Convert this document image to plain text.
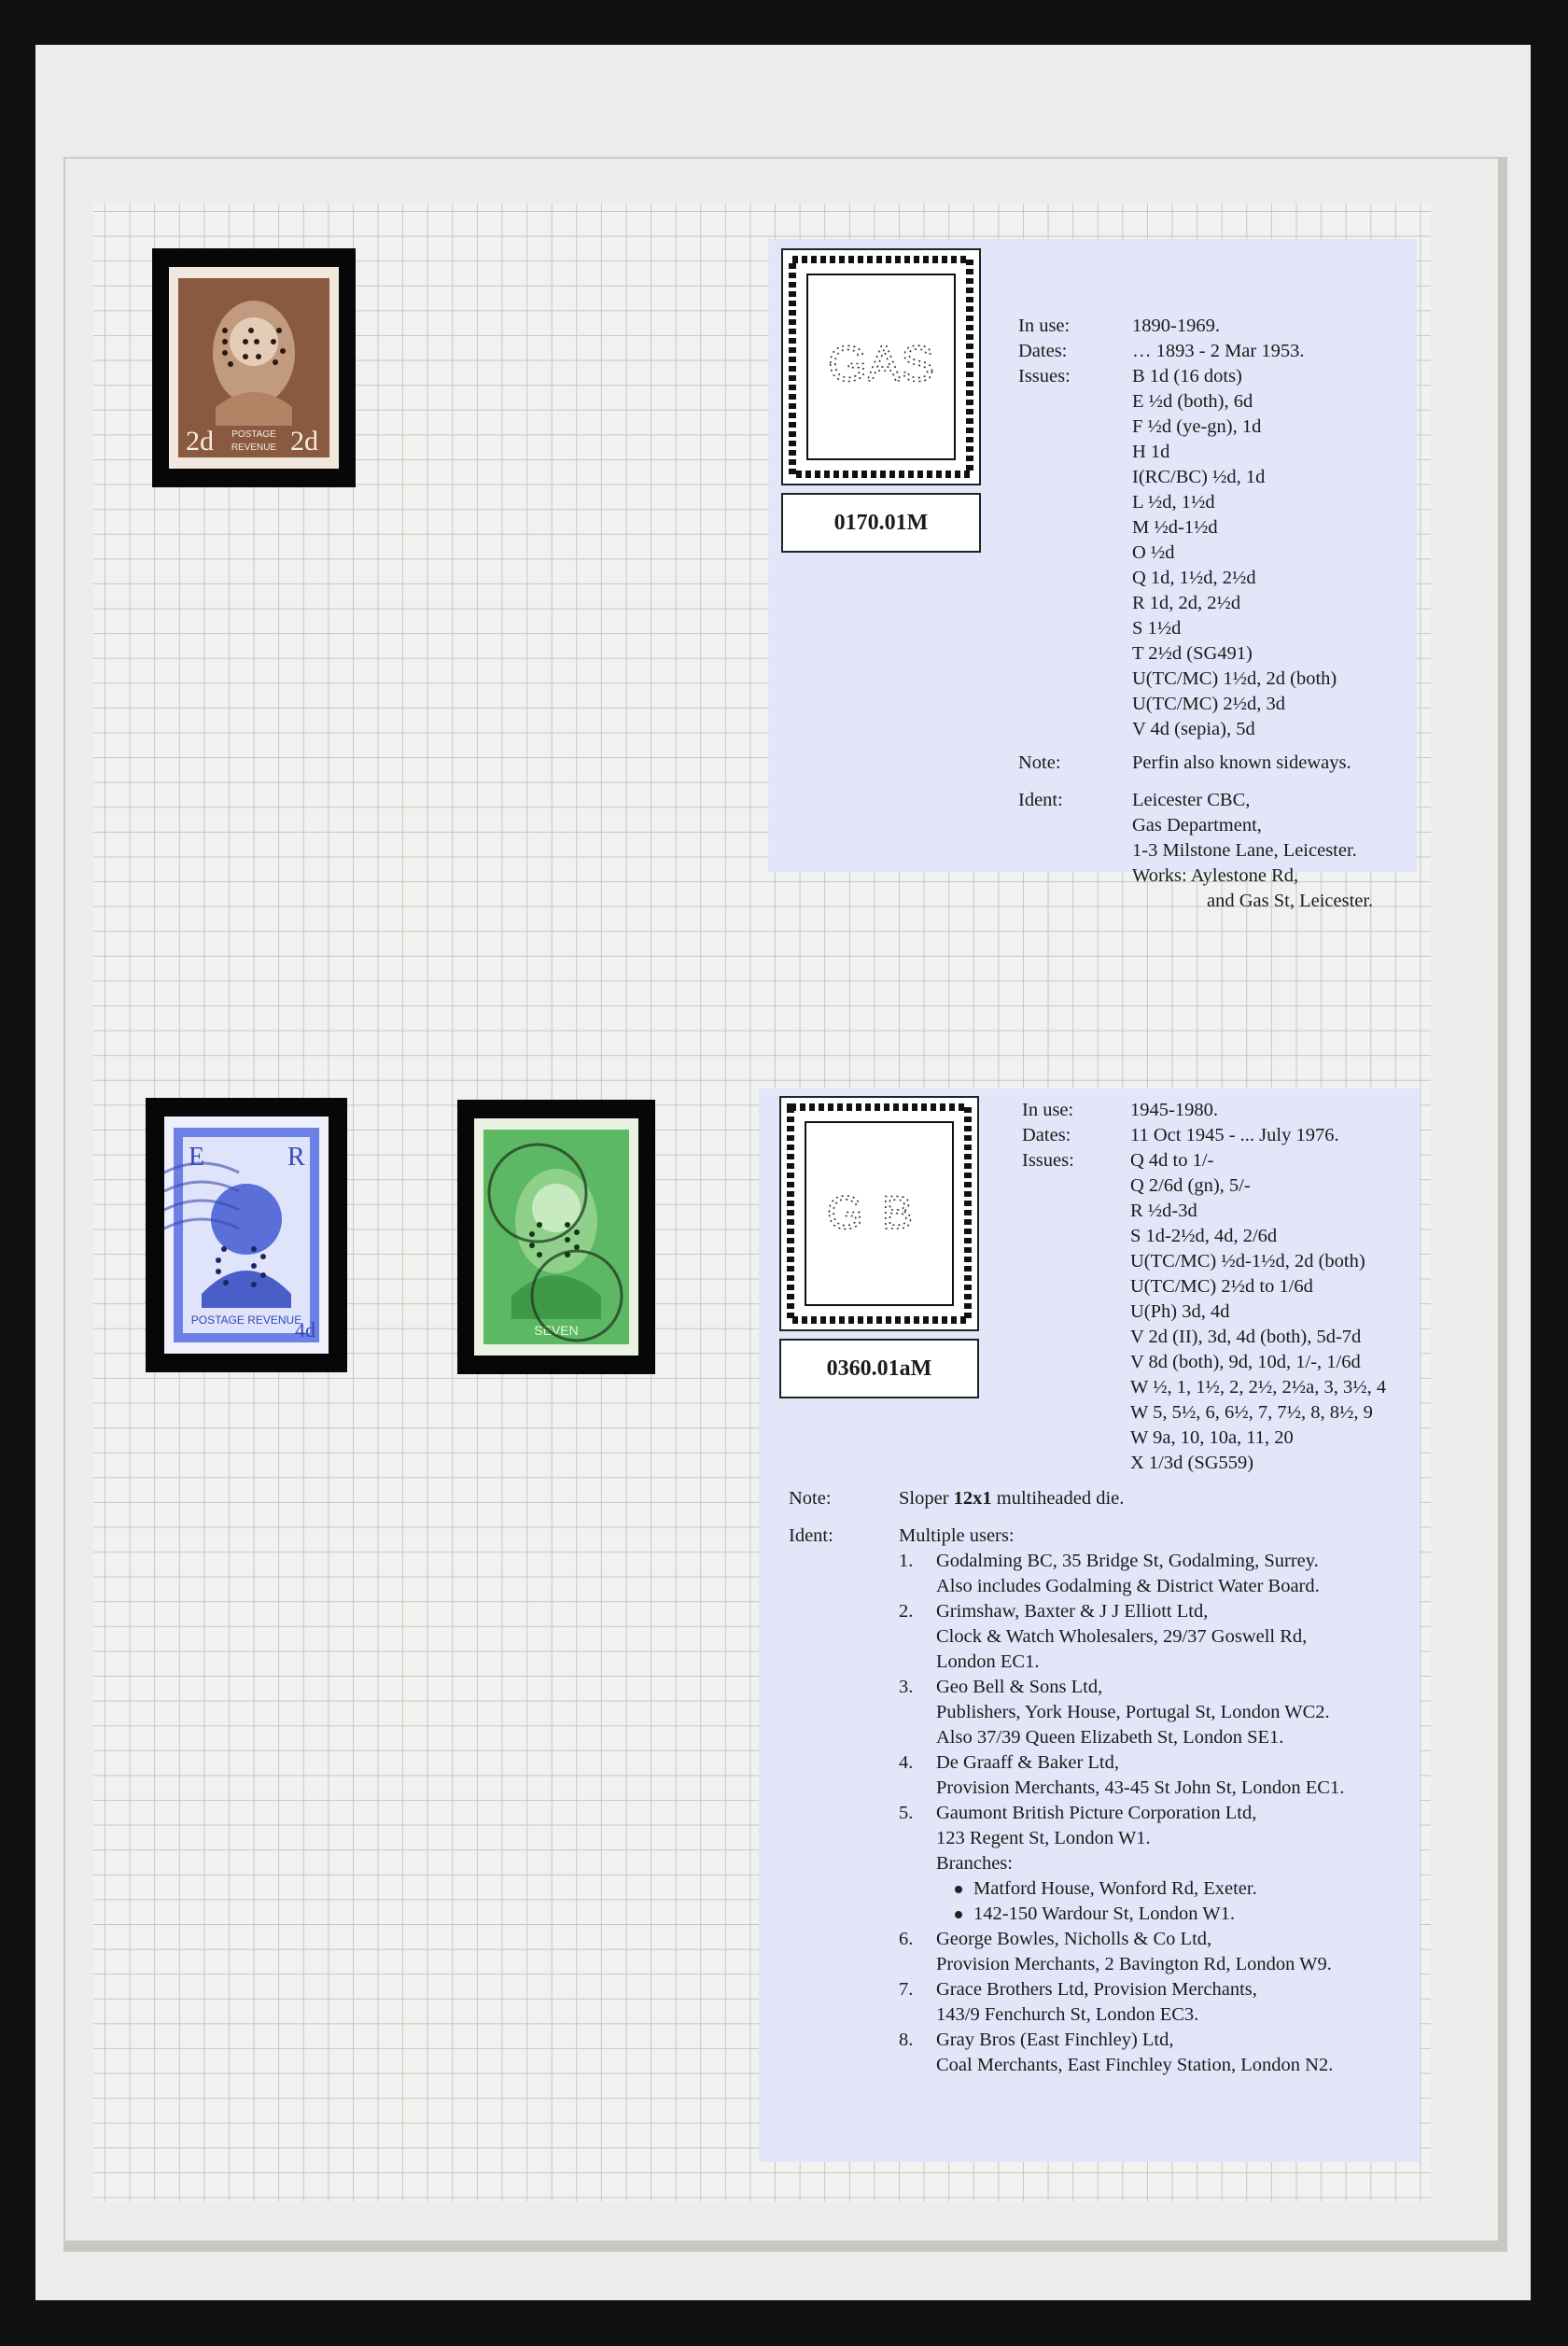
2d	2d
POSTAGE
REVENUE
E	R
POSTAGE REVENUE
4d	SEVEN
GAS
0170.01M
In use:	1890-1969.
Dates:	… 1893 - 2 Mar 1953.
Issues:	B 1d (16 dots)
E ½d (both), 6d
F ½d (ye-gn), 1d
H 1d
I(RC/BC) ½d, 1d
L ½d, 1½d
M ½d-1½d
O ½d
Q 1d, 1½d, 2½d
R 1d, 2d, 2½d
S 1½d
T 2½d (SG491)
U(TC/MC) 1½d, 2d (both)
U(TC/MC) 2½d, 3d
V 4d (sepia), 5d
Note:	Perfin also known sideways.
Ident:	Leicester CBC,
Gas Department,
1-3 Milstone Lane, Leicester.
Works: Aylestone Rd,
and Gas St, Leicester.
GB
0360.01aM
In use:	1945-1980.
Dates:	11 Oct 1945 - ... July 1976.
Issues:	Q 4d to 1/-
Q 2/6d (gn), 5/-
R ½d-3d
S 1d-2½d, 4d, 2/6d
U(TC/MC) ½d-1½d, 2d (both)
U(TC/MC) 2½d to 1/6d
U(Ph) 3d, 4d
V 2d (II), 3d, 4d (both), 5d-7d
V 8d (both), 9d, 10d, 1/-, 1/6d
W ½, 1, 1½, 2, 2½, 2½a, 3, 3½, 4
W 5, 5½, 6, 6½, 7, 7½, 8, 8½, 9
W 9a, 10, 10a, 11, 20
X 1/3d (SG559)
Note:	Sloper 12x1 multiheaded die.
Ident:	Multiple users:
1. Godalming BC, 35 Bridge St, Godalming, Surrey.
Also includes Godalming & District Water Board.
2. Grimshaw, Baxter & J J Elliott Ltd,
Clock & Watch Wholesalers, 29/37 Goswell Rd,
London EC1.
3. Geo Bell & Sons Ltd,
Publishers, York House, Portugal St, London WC2.
Also 37/39 Queen Elizabeth St, London SE1.
4. De Graaff & Baker Ltd,
Provision Merchants, 43-45 St John St, London EC1.
5. Gaumont British Picture Corporation Ltd,
123 Regent St, London W1.
Branches:
Matford House, Wonford Rd, Exeter.
142-150 Wardour St, London W1.
6. George Bowles, Nicholls & Co Ltd,
Provision Merchants, 2 Bavington Rd, London W9.
7. Grace Brothers Ltd, Provision Merchants,
143/9 Fenchurch St, London EC3.
8. Gray Bros (East Finchley) Ltd,
Coal Merchants, East Finchley Station, London N2.
